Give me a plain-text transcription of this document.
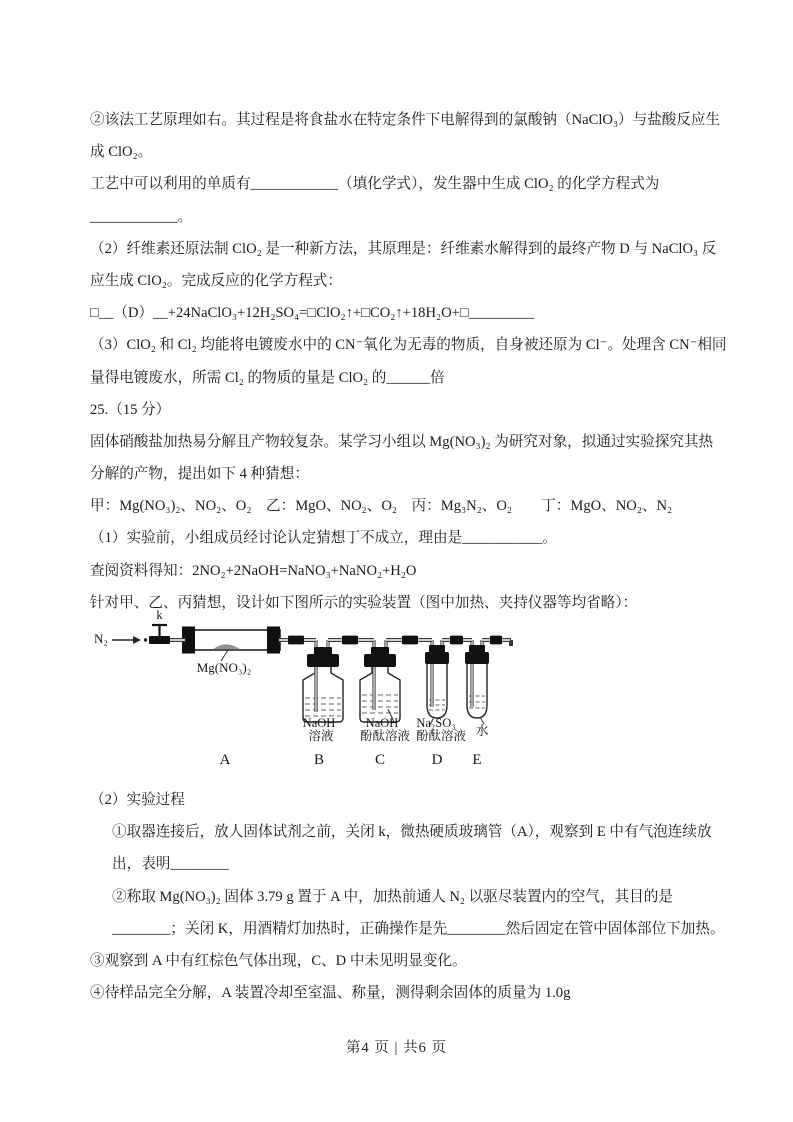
②该法工艺原理如右。其过程是将食盐水在特定条件下电解得到的氯酸钠（NaClO₃）与盐酸反应生
成 ClO₂。
工艺中可以利用的单质有____________（填化学式），发生器中生成 ClO₂ 的化学方程式为
____________。
（2）纤维素还原法制 ClO₂ 是一种新方法，其原理是：纤维素水解得到的最终产物 D 与 NaClO₃ 反
应生成 ClO₂。完成反应的化学方程式：
□__（D）__+24NaClO₃+12H₂SO₄=□ClO₂↑+□CO₂↑+18H₂O+□_________
（3）ClO₂ 和 Cl₂ 均能将电镀废水中的 CN⁻氧化为无毒的物质，自身被还原为 Cl⁻。处理含 CN⁻相同
量得电镀废水，所需 Cl₂ 的物质的量是 ClO₂ 的______倍
25.（15 分）
固体硝酸盐加热易分解且产物较复杂。某学习小组以 Mg(NO₃)₂ 为研究对象，拟通过实验探究其热
分解的产物，提出如下 4 种猜想：
甲：Mg(NO₃)₂、NO₂、O₂　乙：MgO、NO₂、O₂　丙：Mg₃N₂、O₂　　丁：MgO、NO₂、N₂
（1）实验前，小组成员经讨论认定猜想丁不成立，理由是___________。
查阅资料得知：2NO₂+2NaOH=NaNO₃+NaNO₂+H₂O
针对甲、乙、丙猜想，设计如下图所示的实验装置（图中加热、夹持仪器等均省略）：
N₂
k
Mg(NO₃)₂
NaOH
溶液
NaOH
酚酞溶液
Na₂SO₃
酚酞溶液 水
A	B	C	D E
（2）实验过程
①取器连接后，放人固体试剂之前，关闭 k，微热硬质玻璃管（A），观察到 E 中有气泡连续放
出，表明________
②称取 Mg(NO₃)₂ 固体 3.79 g 置于 A 中，加热前通人 N₂ 以驱尽装置内的空气，其目的是
________；关闭 K，用酒精灯加热时，正确操作是先________然后固定在管中固体部位下加热。
③观察到 A 中有红棕色气体出现，C、D 中未见明显变化。
④待样品完全分解，A 装置冷却至室温、称量，测得剩余固体的质量为 1.0g
第4 页 | 共6 页
